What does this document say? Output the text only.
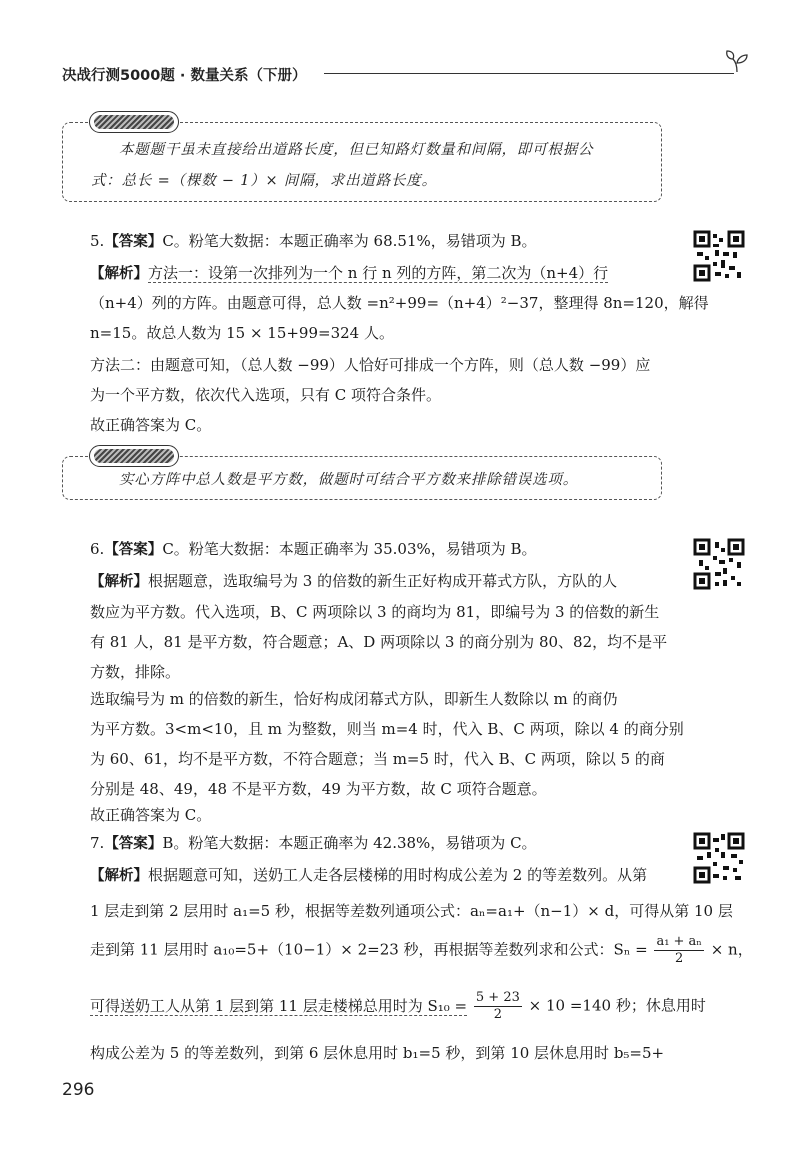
决战行测5000题 · 数量关系（下册）
本题题干虽未直接给出道路长度，但已知路灯数量和间隔，即可根据公
式：总长 =（棵数 − 1）× 间隔，求出道路长度。
5.【答案】C。粉笔大数据：本题正确率为 68.51%，易错项为 B。
【解析】方法一：设第一次排列为一个 n 行 n 列的方阵，第二次为（n+4）行
（n+4）列的方阵。由题意可得，总人数 =n²+99=（n+4）²−37，整理得 8n=120，解得
n=15。故总人数为 15 × 15+99=324 人。
方法二：由题意可知，（总人数 −99）人恰好可排成一个方阵，则（总人数 −99）应
为一个平方数，依次代入选项，只有 C 项符合条件。
故正确答案为 C。
实心方阵中总人数是平方数，做题时可结合平方数来排除错误选项。
6.【答案】C。粉笔大数据：本题正确率为 35.03%，易错项为 B。
【解析】根据题意，选取编号为 3 的倍数的新生正好构成开幕式方队，方队的人
数应为平方数。代入选项，B、C 两项除以 3 的商均为 81，即编号为 3 的倍数的新生
有 81 人，81 是平方数，符合题意；A、D 两项除以 3 的商分别为 80、82，均不是平
方数，排除。
选取编号为 m 的倍数的新生，恰好构成闭幕式方队，即新生人数除以 m 的商仍
为平方数。3<m<10，且 m 为整数，则当 m=4 时，代入 B、C 两项，除以 4 的商分别
为 60、61，均不是平方数，不符合题意；当 m=5 时，代入 B、C 两项，除以 5 的商
分别是 48、49，48 不是平方数，49 为平方数，故 C 项符合题意。
故正确答案为 C。
7.【答案】B。粉笔大数据：本题正确率为 42.38%，易错项为 C。
【解析】根据题意可知，送奶工人走各层楼梯的用时构成公差为 2 的等差数列。从第
1 层走到第 2 层用时 a₁=5 秒，根据等差数列通项公式：aₙ=a₁+（n−1）× d，可得从第 10 层
走到第 11 层用时 a₁₀=5+（10−1）× 2=23 秒，再根据等差数列求和公式：$S_n = \frac{\text{a₁ + aₙ}}{2} \times n$，
可得送奶工人从第 1 层到第 11 层走楼梯总用时为 $S_{10} = \frac{5 + 23}{2} \times 10 =140$ 秒；休息用时
构成公差为 5 的等差数列，到第 6 层休息用时 b₁=5 秒，到第 10 层休息用时 b₅=5+
296
